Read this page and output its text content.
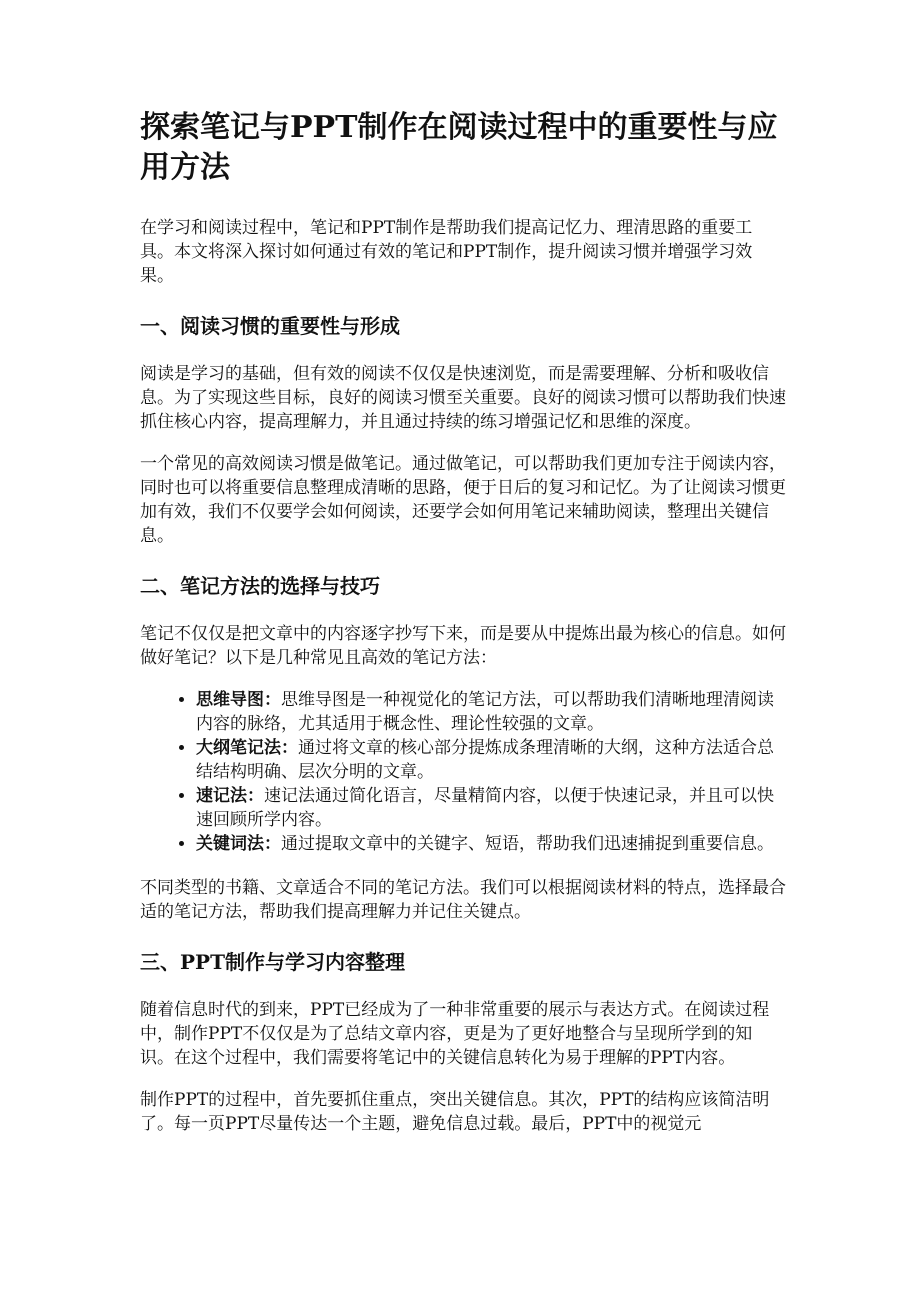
探索笔记与PPT制作在阅读过程中的重要性与应用方法

在学习和阅读过程中，笔记和PPT制作是帮助我们提高记忆力、理清思路的重要工具。本文将深入探讨如何通过有效的笔记和PPT制作，提升阅读习惯并增强学习效果。

一、阅读习惯的重要性与形成

阅读是学习的基础，但有效的阅读不仅仅是快速浏览，而是需要理解、分析和吸收信息。为了实现这些目标，良好的阅读习惯至关重要。良好的阅读习惯可以帮助我们快速抓住核心内容，提高理解力，并且通过持续的练习增强记忆和思维的深度。

一个常见的高效阅读习惯是做笔记。通过做笔记，可以帮助我们更加专注于阅读内容，同时也可以将重要信息整理成清晰的思路，便于日后的复习和记忆。为了让阅读习惯更加有效，我们不仅要学会如何阅读，还要学会如何用笔记来辅助阅读，整理出关键信息。

二、笔记方法的选择与技巧

笔记不仅仅是把文章中的内容逐字抄写下来，而是要从中提炼出最为核心的信息。如何做好笔记？以下是几种常见且高效的笔记方法：

• 思维导图：思维导图是一种视觉化的笔记方法，可以帮助我们清晰地理清阅读内容的脉络，尤其适用于概念性、理论性较强的文章。
• 大纲笔记法：通过将文章的核心部分提炼成条理清晰的大纲，这种方法适合总结结构明确、层次分明的文章。
• 速记法：速记法通过简化语言，尽量精简内容，以便于快速记录，并且可以快速回顾所学内容。
• 关键词法：通过提取文章中的关键字、短语，帮助我们迅速捕捉到重要信息。

不同类型的书籍、文章适合不同的笔记方法。我们可以根据阅读材料的特点，选择最合适的笔记方法，帮助我们提高理解力并记住关键点。

三、PPT制作与学习内容整理

随着信息时代的到来，PPT已经成为了一种非常重要的展示与表达方式。在阅读过程中，制作PPT不仅仅是为了总结文章内容，更是为了更好地整合与呈现所学到的知识。在这个过程中，我们需要将笔记中的关键信息转化为易于理解的PPT内容。

制作PPT的过程中，首先要抓住重点，突出关键信息。其次，PPT的结构应该简洁明了。每一页PPT尽量传达一个主题，避免信息过载。最后，PPT中的视觉元
